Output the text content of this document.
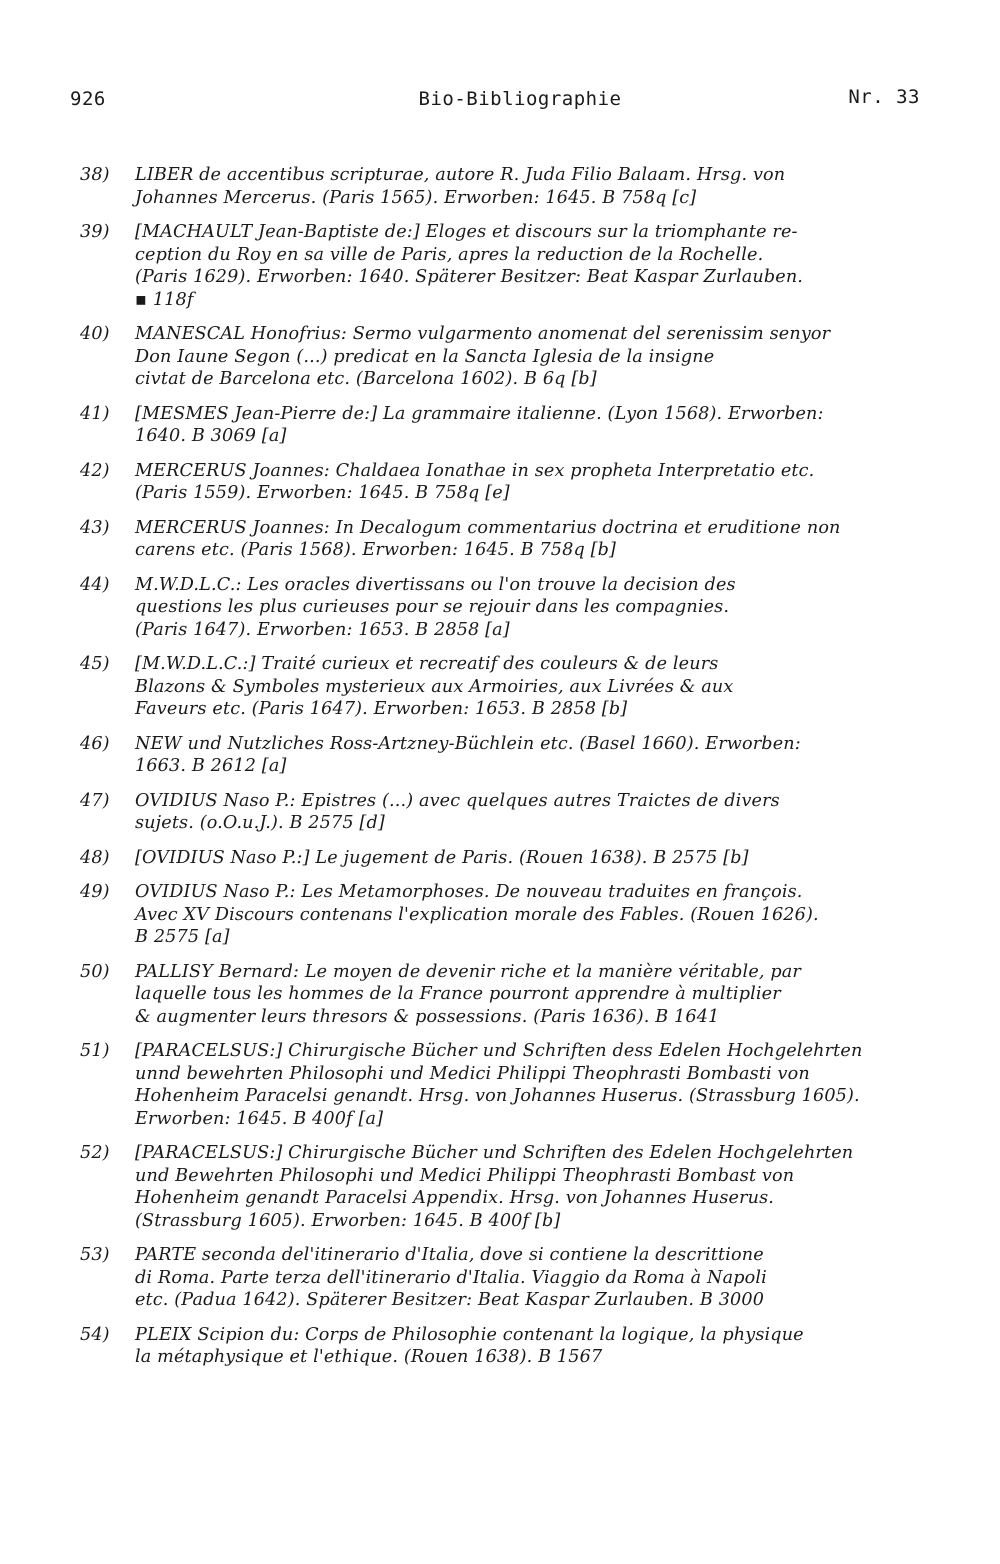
926	Bio-Bibliographie	Nr. 33
38)	LIBER de accentibus scripturae, autore R. Juda Filio Balaam. Hrsg. von
Johannes Mercerus. (Paris 1565). Erworben: 1645. B 758q [c]
39)	[MACHAULT Jean-Baptiste de:] Eloges et discours sur la triomphante re-
ception du Roy en sa ville de Paris, apres la reduction de la Rochelle.
(Paris 1629). Erworben: 1640. Späterer Besitzer: Beat Kaspar Zurlauben.
▪ 118f
40)	MANESCAL Honofrius: Sermo vulgarmento anomenat del serenissim senyor
Don Iaune Segon (...) predicat en la Sancta Iglesia de la insigne
civtat de Barcelona etc. (Barcelona 1602). B 6q [b]
41)	[MESMES Jean-Pierre de:] La grammaire italienne. (Lyon 1568). Erworben:
1640. B 3069 [a]
42)	MERCERUS Joannes: Chaldaea Ionathae in sex propheta Interpretatio etc.
(Paris 1559). Erworben: 1645. B 758q [e]
43)	MERCERUS Joannes: In Decalogum commentarius doctrina et eruditione non
carens etc. (Paris 1568). Erworben: 1645. B 758q [b]
44)	M.W.D.L.C.: Les oracles divertissans ou l'on trouve la decision des
questions les plus curieuses pour se rejouir dans les compagnies.
(Paris 1647). Erworben: 1653. B 2858 [a]
45)	[M.W.D.L.C.:] Traité curieux et recreatif des couleurs & de leurs
Blazons & Symboles mysterieux aux Armoiries, aux Livrées & aux
Faveurs etc. (Paris 1647). Erworben: 1653. B 2858 [b]
46)	NEW und Nutzliches Ross-Artzney-Büchlein etc. (Basel 1660). Erworben:
1663. B 2612 [a]
47)	OVIDIUS Naso P.: Epistres (...) avec quelques autres Traictes de divers
sujets. (o.O.u.J.). B 2575 [d]
48)	[OVIDIUS Naso P.:] Le jugement de Paris. (Rouen 1638). B 2575 [b]
49)	OVIDIUS Naso P.: Les Metamorphoses. De nouveau traduites en françois.
Avec XV Discours contenans l'explication morale des Fables. (Rouen 1626).
B 2575 [a]
50)	PALLISY Bernard: Le moyen de devenir riche et la manière véritable, par
laquelle tous les hommes de la France pourront apprendre à multiplier
& augmenter leurs thresors & possessions. (Paris 1636). B 1641
51)	[PARACELSUS:] Chirurgische Bücher und Schriften dess Edelen Hochgelehrten
unnd bewehrten Philosophi und Medici Philippi Theophrasti Bombasti von
Hohenheim Paracelsi genandt. Hrsg. von Johannes Huserus. (Strassburg 1605).
Erworben: 1645. B 400f [a]
52)	[PARACELSUS:] Chirurgische Bücher und Schriften des Edelen Hochgelehrten
und Bewehrten Philosophi und Medici Philippi Theophrasti Bombast von
Hohenheim genandt Paracelsi Appendix. Hrsg. von Johannes Huserus.
(Strassburg 1605). Erworben: 1645. B 400f [b]
53)	PARTE seconda del'itinerario d'Italia, dove si contiene la descrittione
di Roma. Parte terza dell'itinerario d'Italia. Viaggio da Roma à Napoli
etc. (Padua 1642). Späterer Besitzer: Beat Kaspar Zurlauben. B 3000
54)	PLEIX Scipion du: Corps de Philosophie contenant la logique, la physique
la métaphysique et l'ethique. (Rouen 1638). B 1567
